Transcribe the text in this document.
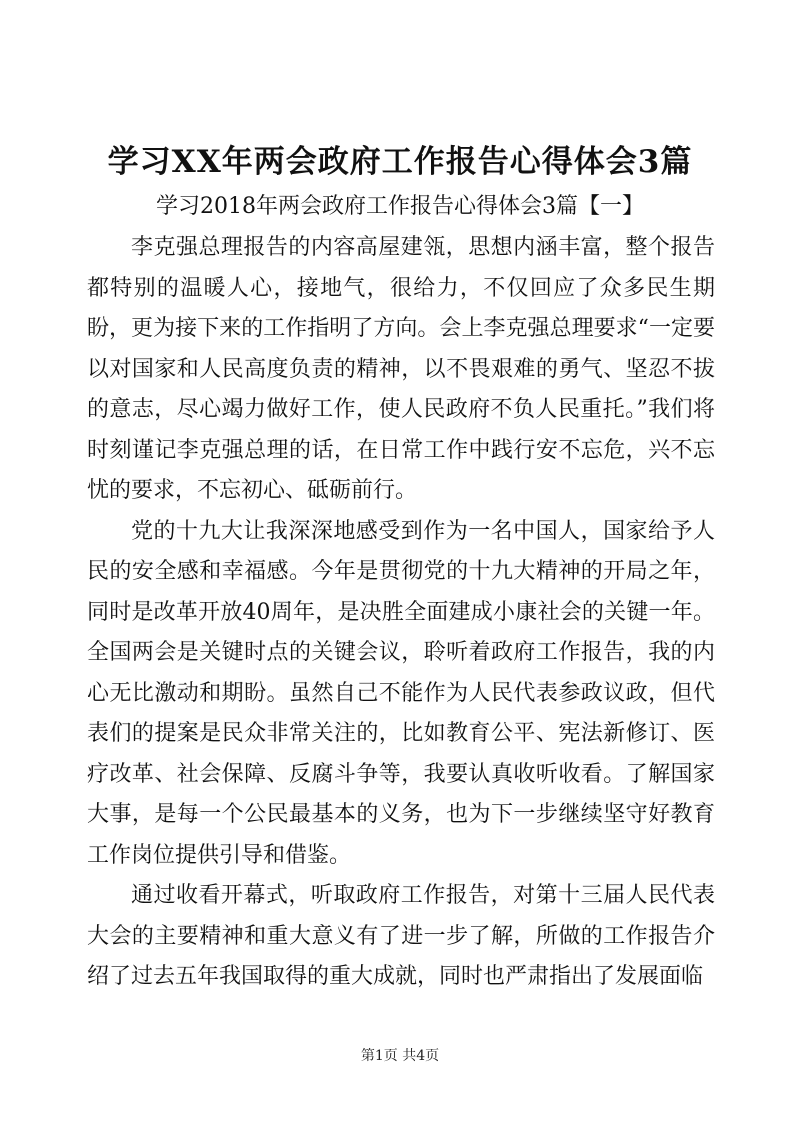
学习XX年两会政府工作报告心得体会3篇
学习2018年两会政府工作报告心得体会3篇【一】

李克强总理报告的内容高屋建瓴，思想内涵丰富，整个报告都特别的温暖人心，接地气，很给力，不仅回应了众多民生期盼，更为接下来的工作指明了方向。会上李克强总理要求“一定要以对国家和人民高度负责的精神，以不畏艰难的勇气、坚忍不拔的意志，尽心竭力做好工作，使人民政府不负人民重托。”我们将时刻谨记李克强总理的话，在日常工作中践行安不忘危，兴不忘忧的要求，不忘初心、砥砺前行。

党的十九大让我深深地感受到作为一名中国人，国家给予人民的安全感和幸福感。今年是贯彻党的十九大精神的开局之年，同时是改革开放40周年，是决胜全面建成小康社会的关键一年。全国两会是关键时点的关键会议，聆听着政府工作报告，我的内心无比激动和期盼。虽然自己不能作为人民代表参政议政，但代表们的提案是民众非常关注的，比如教育公平、宪法新修订、医疗改革、社会保障、反腐斗争等，我要认真收听收看。了解国家大事，是每一个公民最基本的义务，也为下一步继续坚守好教育工作岗位提供引导和借鉴。

通过收看开幕式，听取政府工作报告，对第十三届人民代表大会的主要精神和重大意义有了进一步了解，所做的工作报告介绍了过去五年我国取得的重大成就，同时也严肃指出了发展面临

第1页 共4页
